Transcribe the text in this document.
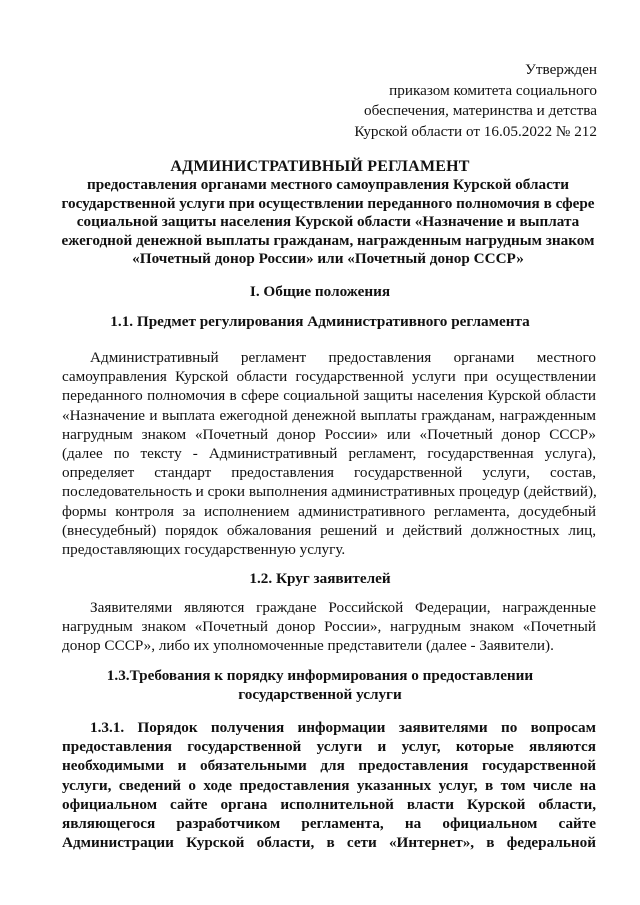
Утвержден
приказом комитета социального
обеспечения, материнства и детства
Курской области от 16.05.2022 № 212
АДМИНИСТРАТИВНЫЙ РЕГЛАМЕНТ
предоставления органами местного самоуправления Курской области
государственной услуги при осуществлении переданного полномочия в сфере
социальной защиты населения Курской области «Назначение и выплата
ежегодной денежной выплаты гражданам, награжденным нагрудным знаком
«Почетный донор России» или «Почетный донор СССР»
I. Общие положения
1.1. Предмет регулирования Административного регламента
Административный регламент предоставления органами местного
самоуправления Курской области государственной услуги при осуществлении
переданного полномочия в сфере социальной защиты населения Курской области
«Назначение и выплата ежегодной денежной выплаты гражданам, награжденным
нагрудным знаком «Почетный донор России» или «Почетный донор СССР»
(далее по тексту - Административный регламент, государственная услуга),
определяет стандарт предоставления государственной услуги, состав,
последовательность и сроки выполнения административных процедур (действий),
формы контроля за исполнением административного регламента, досудебный
(внесудебный) порядок обжалования решений и действий должностных лиц,
предоставляющих государственную услугу.
1.2. Круг заявителей
Заявителями являются граждане Российской Федерации, награжденные
нагрудным знаком «Почетный донор России», нагрудным знаком «Почетный
донор СССР», либо их уполномоченные представители (далее - Заявители).
1.3.Требования к порядку информирования о предоставлении
государственной услуги
1.3.1. Порядок получения информации заявителями по вопросам
предоставления государственной услуги и услуг, которые являются
необходимыми и обязательными для предоставления государственной
услуги, сведений о ходе предоставления указанных услуг, в том числе на
официальном сайте органа исполнительной власти Курской области,
являющегося разработчиком регламента, на официальном сайте
Администрации Курской области, в сети «Интернет», в федеральной
